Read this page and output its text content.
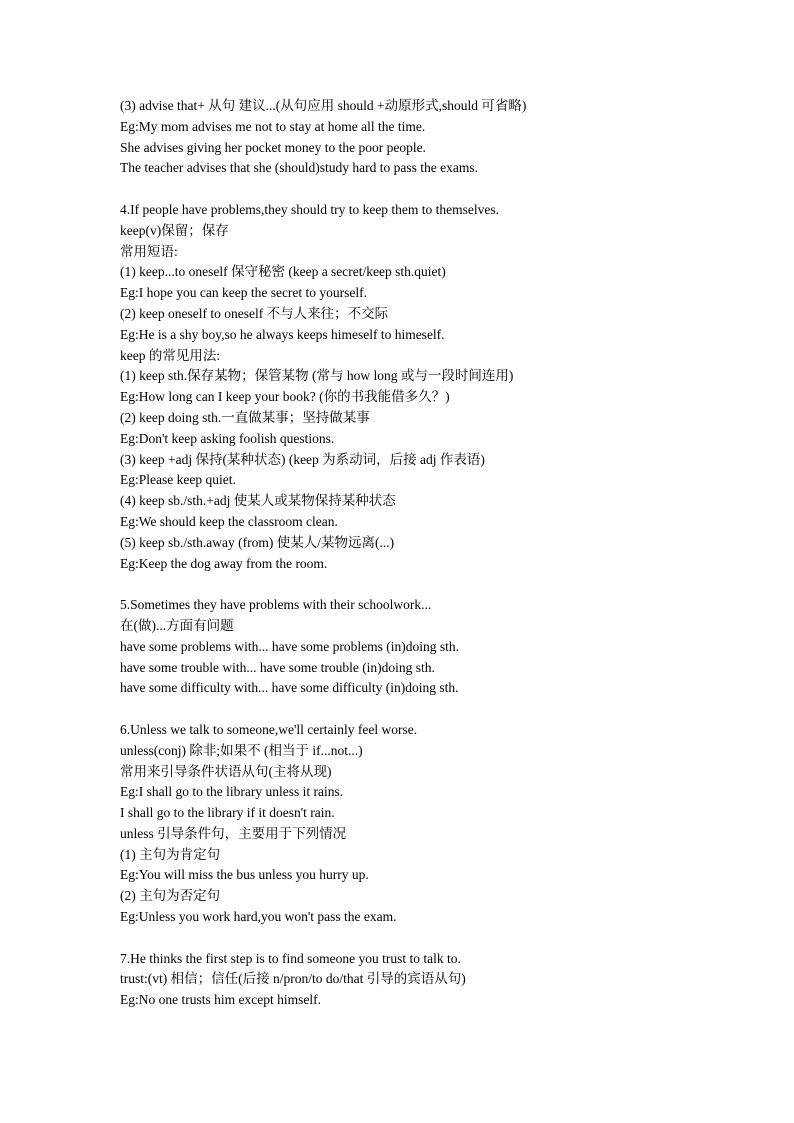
(3) advise that+ 从句 建议...(从句应用 should +动原形式,should 可省略)
Eg:My mom advises me not to stay at home all the time.
She advises giving her pocket money to the poor people.
The teacher advises that she (should)study hard to pass the exams.
4.If people have problems,they should try to keep them to themselves.
keep(v)保留；保存
常用短语:
(1) keep...to oneself 保守秘密 (keep a secret/keep sth.quiet)
Eg:I hope you can keep the secret to yourself.
(2) keep oneself to oneself 不与人来往；不交际
Eg:He is a shy boy,so he always keeps himeself to himeself.
keep 的常见用法:
(1) keep sth.保存某物；保管某物 (常与 how long 或与一段时间连用)
Eg:How long can I keep your book? (你的书我能借多久？)
(2) keep doing sth.一直做某事；坚持做某事
Eg:Don't keep asking foolish questions.
(3) keep +adj 保持(某种状态) (keep 为系动词，后接 adj 作表语)
Eg:Please keep quiet.
(4) keep sb./sth.+adj 使某人或某物保持某种状态
Eg:We should keep the classroom clean.
(5) keep sb./sth.away (from) 使某人/某物远离(...)
Eg:Keep the dog away from the room.
5.Sometimes they have problems with their schoolwork...
在(做)...方面有问题
have some problems with... have some problems (in)doing sth.
have some trouble with... have some trouble (in)doing sth.
have some difficulty with... have some difficulty (in)doing sth.
6.Unless we talk to someone,we'll certainly feel worse.
unless(conj) 除非;如果不 (相当于 if...not...)
常用来引导条件状语从句(主将从现)
Eg:I shall go to the library unless it rains.
I shall go to the library if it doesn't rain.
unless 引导条件句，主要用于下列情况
(1) 主句为肯定句
Eg:You will miss the bus unless you hurry up.
(2) 主句为否定句
Eg:Unless you work hard,you won't pass the exam.
7.He thinks the first step is to find someone you trust to talk to.
trust:(vt) 相信；信任(后接 n/pron/to do/that 引导的宾语从句)
Eg:No one trusts him except himself.
